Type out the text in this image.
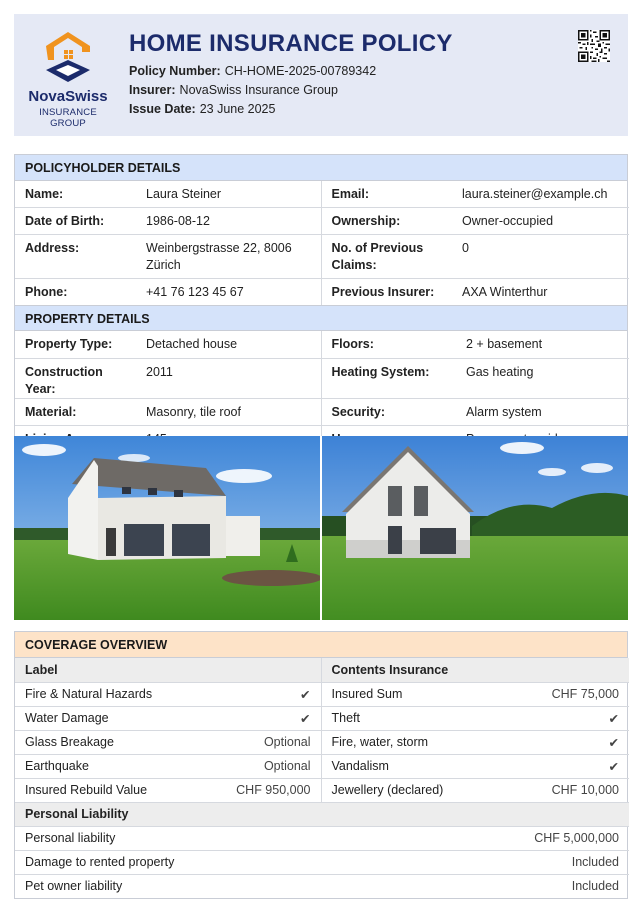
NovaSwiss
INSURANCE GROUP
HOME INSURANCE POLICY
Policy Number: CH-HOME-2025-00789342
Insurer: NovaSwiss Insurance Group
Issue Date: 23 June 2025
POLICYHOLDER DETAILS
Name:	Laura Steiner	Email:	laura.steiner@example.ch
Date of Birth:	1986-08-12	Ownership:	Owner-occupied
Address:	Weinbergstrasse 22, 8006 Zürich	No. of Previous Claims:	0
Phone:	+41 76 123 45 67	Previous Insurer:	AXA Winterthur
PROPERTY DETAILS
Property Type:	Detached house	Floors:	2 + basement
Construction Year:	2011	Heating System:	Gas heating
Material:	Masonry, tile roof	Security:	Alarm system

COVERAGE OVERVIEW
Label		Contents Insurance	
Fire & Natural Hazards	✔	Insured Sum	CHF 75,000
Water Damage	✔	Theft	✔
Glass Breakage	Optional	Fire, water, storm	✔
Earthquake	Optional	Vandalism	✔
Insured Rebuild Value	CHF 950,000	Jewellery (declared)	CHF 10,000
Personal Liability			
Personal liability		CHF 5,000,000	
Damage to rented property		Included	
Pet owner liability		Included	
